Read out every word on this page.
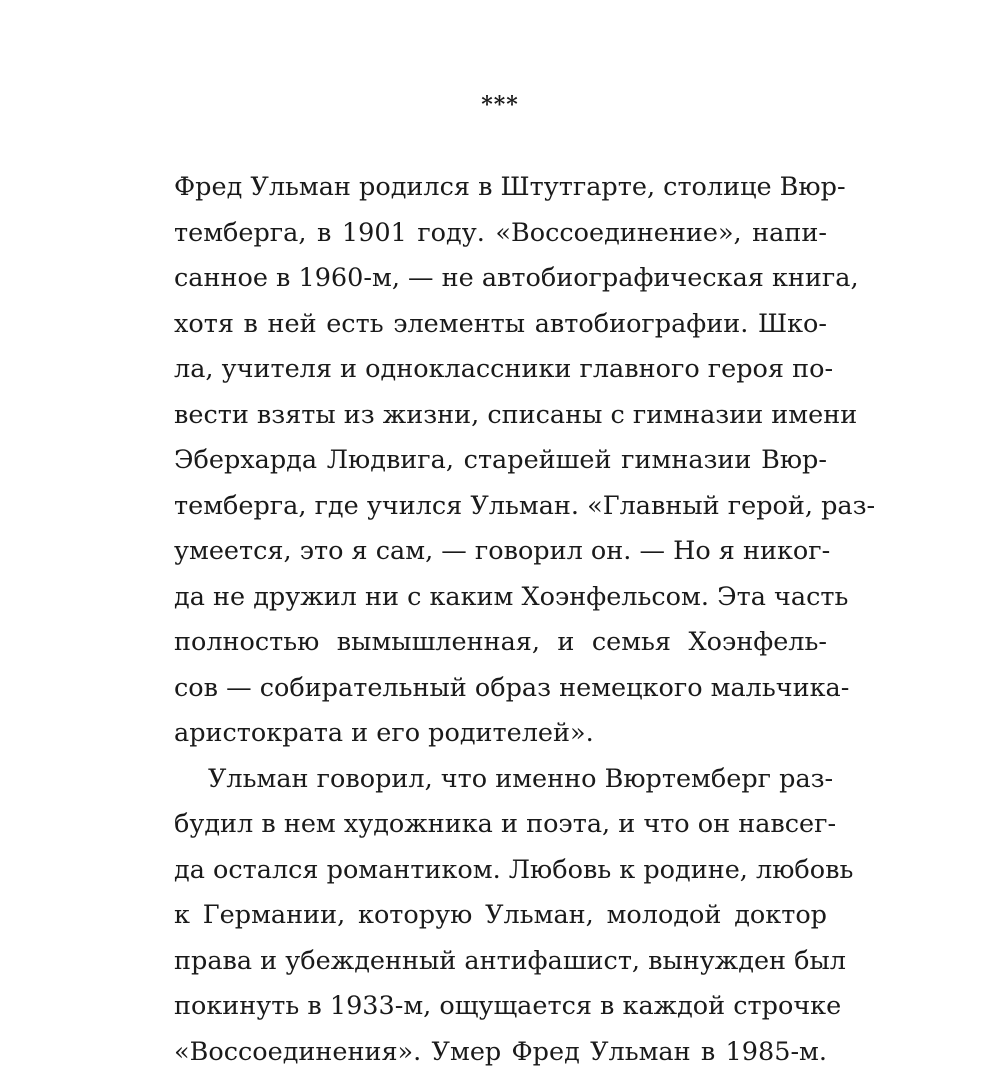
***
Фред Ульман родился в Штутгарте, столице Вюр-
темберга, в 1901 году. «Воссоединение», напи-
санное в 1960-м, — не автобиографическая книга,
хотя в ней есть элементы автобиографии. Шко-
ла, учителя и одноклассники главного героя по-
вести взяты из жизни, списаны с гимназии имени
Эберхарда Людвига, старейшей гимназии Вюр-
темберга, где учился Ульман. «Главный герой, раз-
умеется, это я сам, — говорил он. — Но я никог-
да не дружил ни с каким Хоэнфельсом. Эта часть
полностью вымышленная, и семья Хоэнфель-
сов — собирательный образ немецкого мальчика-
аристократа и его родителей».
Ульман говорил, что именно Вюртемберг раз-
будил в нем художника и поэта, и что он навсег-
да остался романтиком. Любовь к родине, любовь
к Германии, которую Ульман, молодой доктор
права и убежденный антифашист, вынужден был
покинуть в 1933-м, ощущается в каждой строчке
«Воссоединения». Умер Фред Ульман в 1985-м.
